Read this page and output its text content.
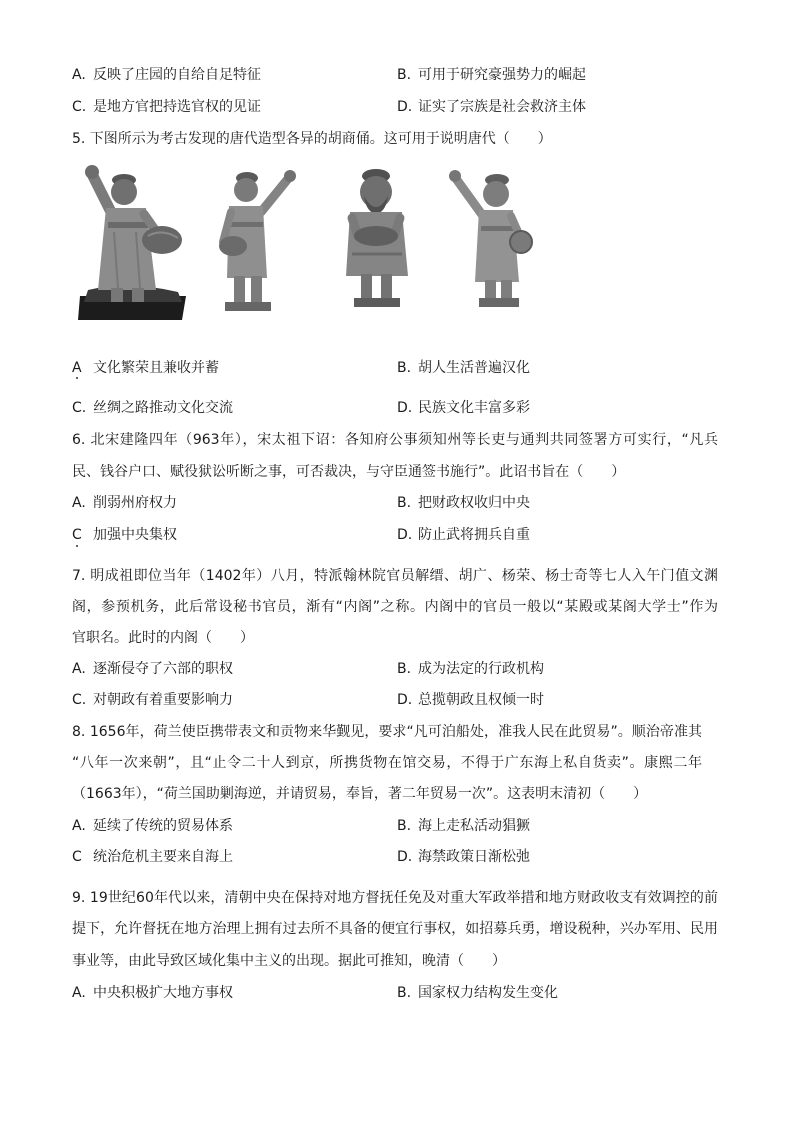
A. 反映了庄园的自给自足特征	B. 可用于研究豪强势力的崛起
C. 是地方官把持选官权的见证	D. 证实了宗族是社会救济主体
5. 下图所示为考古发现的唐代造型各异的胡商俑。这可用于说明唐代（　　）
A 文化繁荣且兼收并蓄	B. 胡人生活普遍汉化
C. 丝绸之路推动文化交流	D. 民族文化丰富多彩
6. 北宋建隆四年（963年），宋太祖下诏：各知府公事须知州等长吏与通判共同签署方可实行，“凡兵
民、钱谷户口、赋役狱讼听断之事，可否裁决，与守臣通签书施行”。此诏书旨在（　　）
A. 削弱州府权力	B. 把财政权收归中央
C 加强中央集权	D. 防止武将拥兵自重
7. 明成祖即位当年（1402年）八月，特派翰林院官员解缙、胡广、杨荣、杨士奇等七人入午门值文渊
阁，参预机务，此后常设秘书官员，渐有“内阁”之称。内阁中的官员一般以“某殿或某阁大学士”作为
官职名。此时的内阁（　　）
A. 逐渐侵夺了六部的职权	B. 成为法定的行政机构
C. 对朝政有着重要影响力	D. 总揽朝政且权倾一时
8. 1656年，荷兰使臣携带表文和贡物来华觐见，要求“凡可泊船处，准我人民在此贸易”。顺治帝准其
“八年一次来朝”，且“止令二十人到京，所携货物在馆交易，不得于广东海上私自货卖”。康熙二年
（1663年），“荷兰国助剿海逆，并请贸易，奉旨，著二年贸易一次”。这表明末清初（　　）
A. 延续了传统的贸易体系	B. 海上走私活动猖獗
C 统治危机主要来自海上	D. 海禁政策日渐松弛
9. 19世纪60年代以来，清朝中央在保持对地方督抚任免及对重大军政举措和地方财政收支有效调控的前
提下，允许督抚在地方治理上拥有过去所不具备的便宜行事权，如招募兵勇，增设税种，兴办军用、民用
事业等，由此导致区域化集中主义的出现。据此可推知，晚清（　　）
A. 中央积极扩大地方事权	B. 国家权力结构发生变化
